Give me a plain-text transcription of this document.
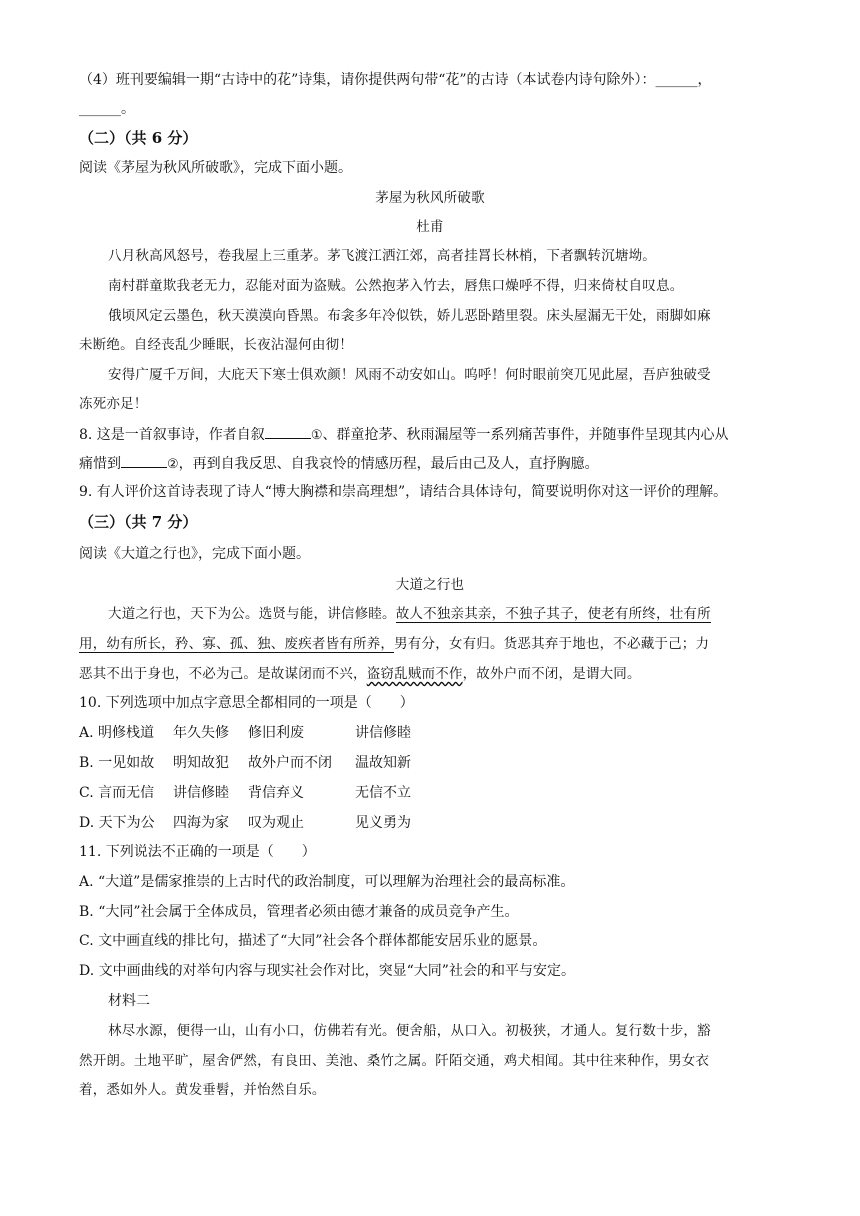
（4）班刊要编辑一期“古诗中的花”诗集，请你提供两句带“花”的古诗（本试卷内诗句除外）：______，
______。
（二）（共 6 分）
阅读《茅屋为秋风所破歌》，完成下面小题。
茅屋为秋风所破歌
杜甫
八月秋高风怒号，卷我屋上三重茅。茅飞渡江洒江郊，高者挂罥长林梢，下者飘转沉塘坳。
南村群童欺我老无力，忍能对面为盗贼。公然抱茅入竹去，唇焦口燥呼不得，归来倚杖自叹息。
俄顷风定云墨色，秋天漠漠向昏黑。布衾多年冷似铁，娇儿恶卧踏里裂。床头屋漏无干处，雨脚如麻
未断绝。自经丧乱少睡眠，长夜沾湿何由彻！
安得广厦千万间，大庇天下寒士俱欢颜！风雨不动安如山。呜呼！何时眼前突兀见此屋，吾庐独破受
冻死亦足！
8. 这是一首叙事诗，作者自叙	①、群童抢茅、秋雨漏屋等一系列痛苦事件，并随事件呈现其内心从
痛惜到	②，再到自我反思、自我哀怜的情感历程，最后由己及人，直抒胸臆。
9. 有人评价这首诗表现了诗人“博大胸襟和崇高理想”，请结合具体诗句，简要说明你对这一评价的理解。
（三）（共 7 分）
阅读《大道之行也》，完成下面小题。
大道之行也
大道之行也，天下为公。选贤与能，讲信修睦。故人不独亲其亲，不独子其子，使老有所终，壮有所
用，幼有所长，矜、寡、孤、独、废疾者皆有所养，男有分，女有归。货恶其弃于地也，不必藏于己；力
恶其不出于身也，不必为己。是故谋闭而不兴，盗窃乱贼而不作，故外户而不闭，是谓大同。
10. 下列选项中加点字意思全都相同的一项是（　　）
A. 明修栈道 年久失修 修旧利废	讲信修睦
B. 一见如故 明知故犯 故外户而不闭 温故知新
C. 言而无信 讲信修睦 背信弃义	无信不立
D. 天下为公 四海为家 叹为观止	见义勇为
11. 下列说法不正确的一项是（　　）
A. “大道”是儒家推崇的上古时代的政治制度，可以理解为治理社会的最高标准。
B. “大同”社会属于全体成员，管理者必须由德才兼备的成员竞争产生。
C. 文中画直线的排比句，描述了“大同”社会各个群体都能安居乐业的愿景。
D. 文中画曲线的对举句内容与现实社会作对比，突显“大同”社会的和平与安定。
材料二
林尽水源，便得一山，山有小口，仿佛若有光。便舍船，从口入。初极狭，才通人。复行数十步，豁
然开朗。土地平旷，屋舍俨然，有良田、美池、桑竹之属。阡陌交通，鸡犬相闻。其中往来种作，男女衣
着，悉如外人。黄发垂髫，并怡然自乐。
